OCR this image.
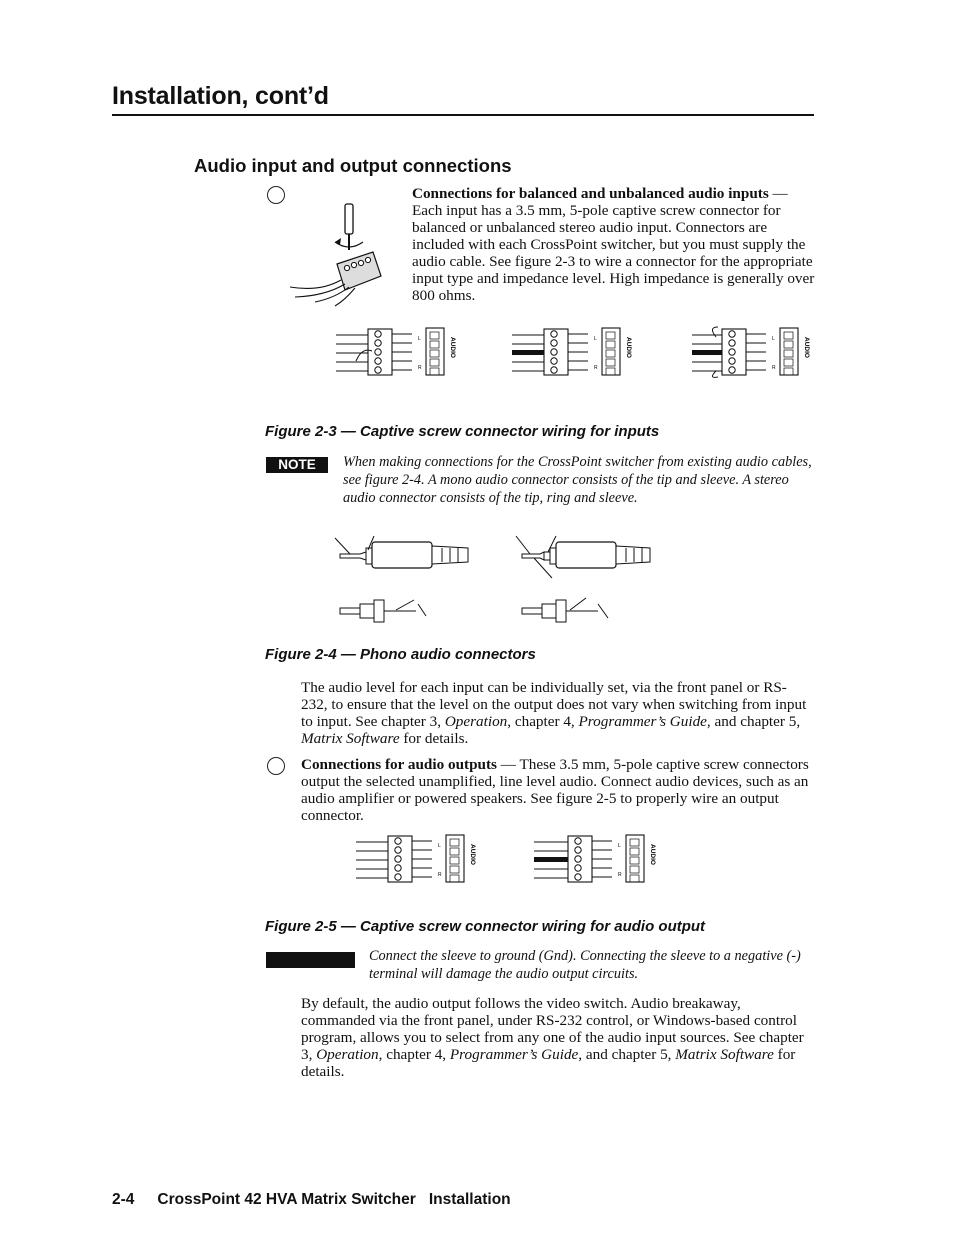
Installation, cont’d
Audio input and output connections
Connections for balanced and unbalanced audio inputs — Each input has a 3.5 mm, 5-pole captive screw connector for balanced or unbalanced stereo audio input. Connectors are included with each CrossPoint switcher, but you must supply the audio cable. See figure 2-3 to wire a connector for the appropriate input type and impedance level. High impedance is generally over 800 ohms.
L
R
AUDIO	L
R
AUDIO	L
R
AUDIO
Figure 2-3 — Captive screw connector wiring for inputs
NOTE	When making connections for the CrossPoint switcher from existing audio cables, see figure 2-4. A mono audio connector consists of the tip and sleeve. A stereo audio connector consists of the tip, ring and sleeve.
Figure 2-4 — Phono audio connectors
The audio level for each input can be individually set, via the front panel or RS-232, to ensure that the level on the output does not vary when switching from input to input. See chapter 3, Operation, chapter 4, Programmer’s Guide, and chapter 5, Matrix Software for details.
Connections for audio outputs — These 3.5 mm, 5-pole captive screw connectors output the selected unamplified, line level audio. Connect audio devices, such as an audio amplifier or powered speakers. See figure 2-5 to properly wire an output connector.
L
R
AUDIO	L
R
AUDIO
Figure 2-5 — Captive screw connector wiring for audio output
Connect the sleeve to ground (Gnd). Connecting the sleeve to a negative (-) terminal will damage the audio output circuits.
By default, the audio output follows the video switch. Audio breakaway, commanded via the front panel, under RS-232 control, or Windows-based control program, allows you to select from any one of the audio input sources. See chapter 3, Operation, chapter 4, Programmer’s Guide, and chapter 5, Matrix Software for details.
2-4 CrossPoint 42 HVA Matrix Switcher Installation
